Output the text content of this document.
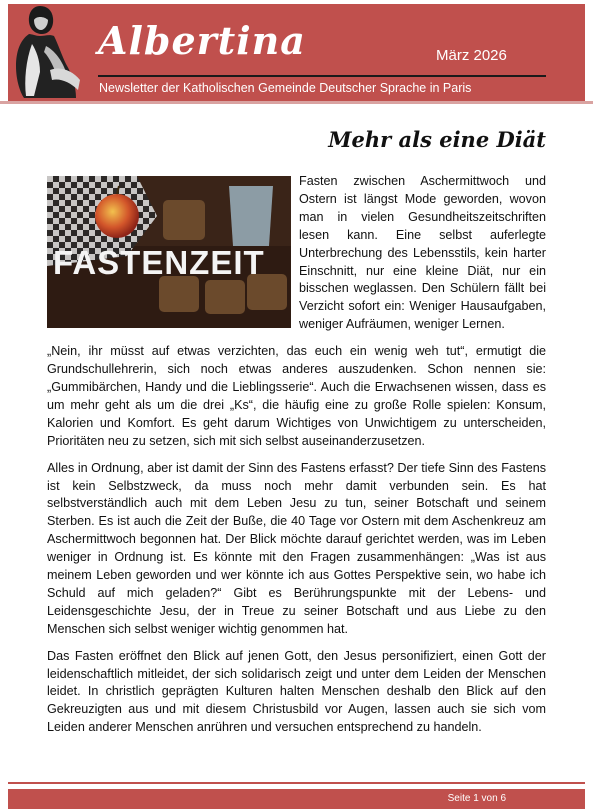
Albertina	März 2026
Newsletter der Katholischen Gemeinde Deutscher Sprache in Paris
Mehr als eine Diät
FASTENZEIT

Fasten zwischen Aschermittwoch und Ostern ist längst Mode geworden, wovon man in vielen Gesundheitszeitschriften lesen kann. Eine selbst auferlegte Unterbrechung des Lebensstils, kein harter Einschnitt, nur eine kleine Diät, nur ein bisschen weglassen. Den Schülern fällt bei Verzicht sofort ein: Weniger Hausaufgaben, weniger Aufräumen, weniger Lernen.

„Nein, ihr müsst auf etwas verzichten, das euch ein wenig weh tut“, ermutigt die Grundschullehrerin, sich noch etwas anderes auszudenken. Schon nennen sie: „Gummibärchen, Handy und die Lieblingsserie“. Auch die Erwachsenen wissen, dass es um mehr geht als um die drei „Ks“, die häufig eine zu große Rolle spielen: Konsum, Kalorien und Komfort. Es geht darum Wichtiges von Unwichtigem zu unterscheiden, Prioritäten neu zu setzen, sich mit sich selbst auseinanderzusetzen.

Alles in Ordnung, aber ist damit der Sinn des Fastens erfasst? Der tiefe Sinn des Fastens ist kein Selbstzweck, da muss noch mehr damit verbunden sein. Es hat selbstverständlich auch mit dem Leben Jesu zu tun, seiner Botschaft und seinem Sterben. Es ist auch die Zeit der Buße, die 40 Tage vor Ostern mit dem Aschenkreuz am Aschermittwoch begonnen hat. Der Blick möchte darauf gerichtet werden, was im Leben weniger in Ordnung ist. Es könnte mit den Fragen zusammenhängen: „Was ist aus meinem Leben geworden und wer könnte ich aus Gottes Perspektive sein, wo habe ich Schuld auf mich geladen?“ Gibt es Berührungspunkte mit der Lebens- und Leidensgeschichte Jesu, der in Treue zu seiner Botschaft und aus Liebe zu den Menschen sich selbst weniger wichtig genommen hat.

Das Fasten eröffnet den Blick auf jenen Gott, den Jesus personifiziert, einen Gott der leidenschaftlich mitleidet, der sich solidarisch zeigt und unter dem Leiden der Menschen leidet. In christlich geprägten Kulturen halten Menschen deshalb den Blick auf den Gekreuzigten aus und mit diesem Christusbild vor Augen, lassen auch sie sich vom Leiden anderer Menschen anrühren und versuchen entsprechend zu handeln.

Seite 1 von 6
